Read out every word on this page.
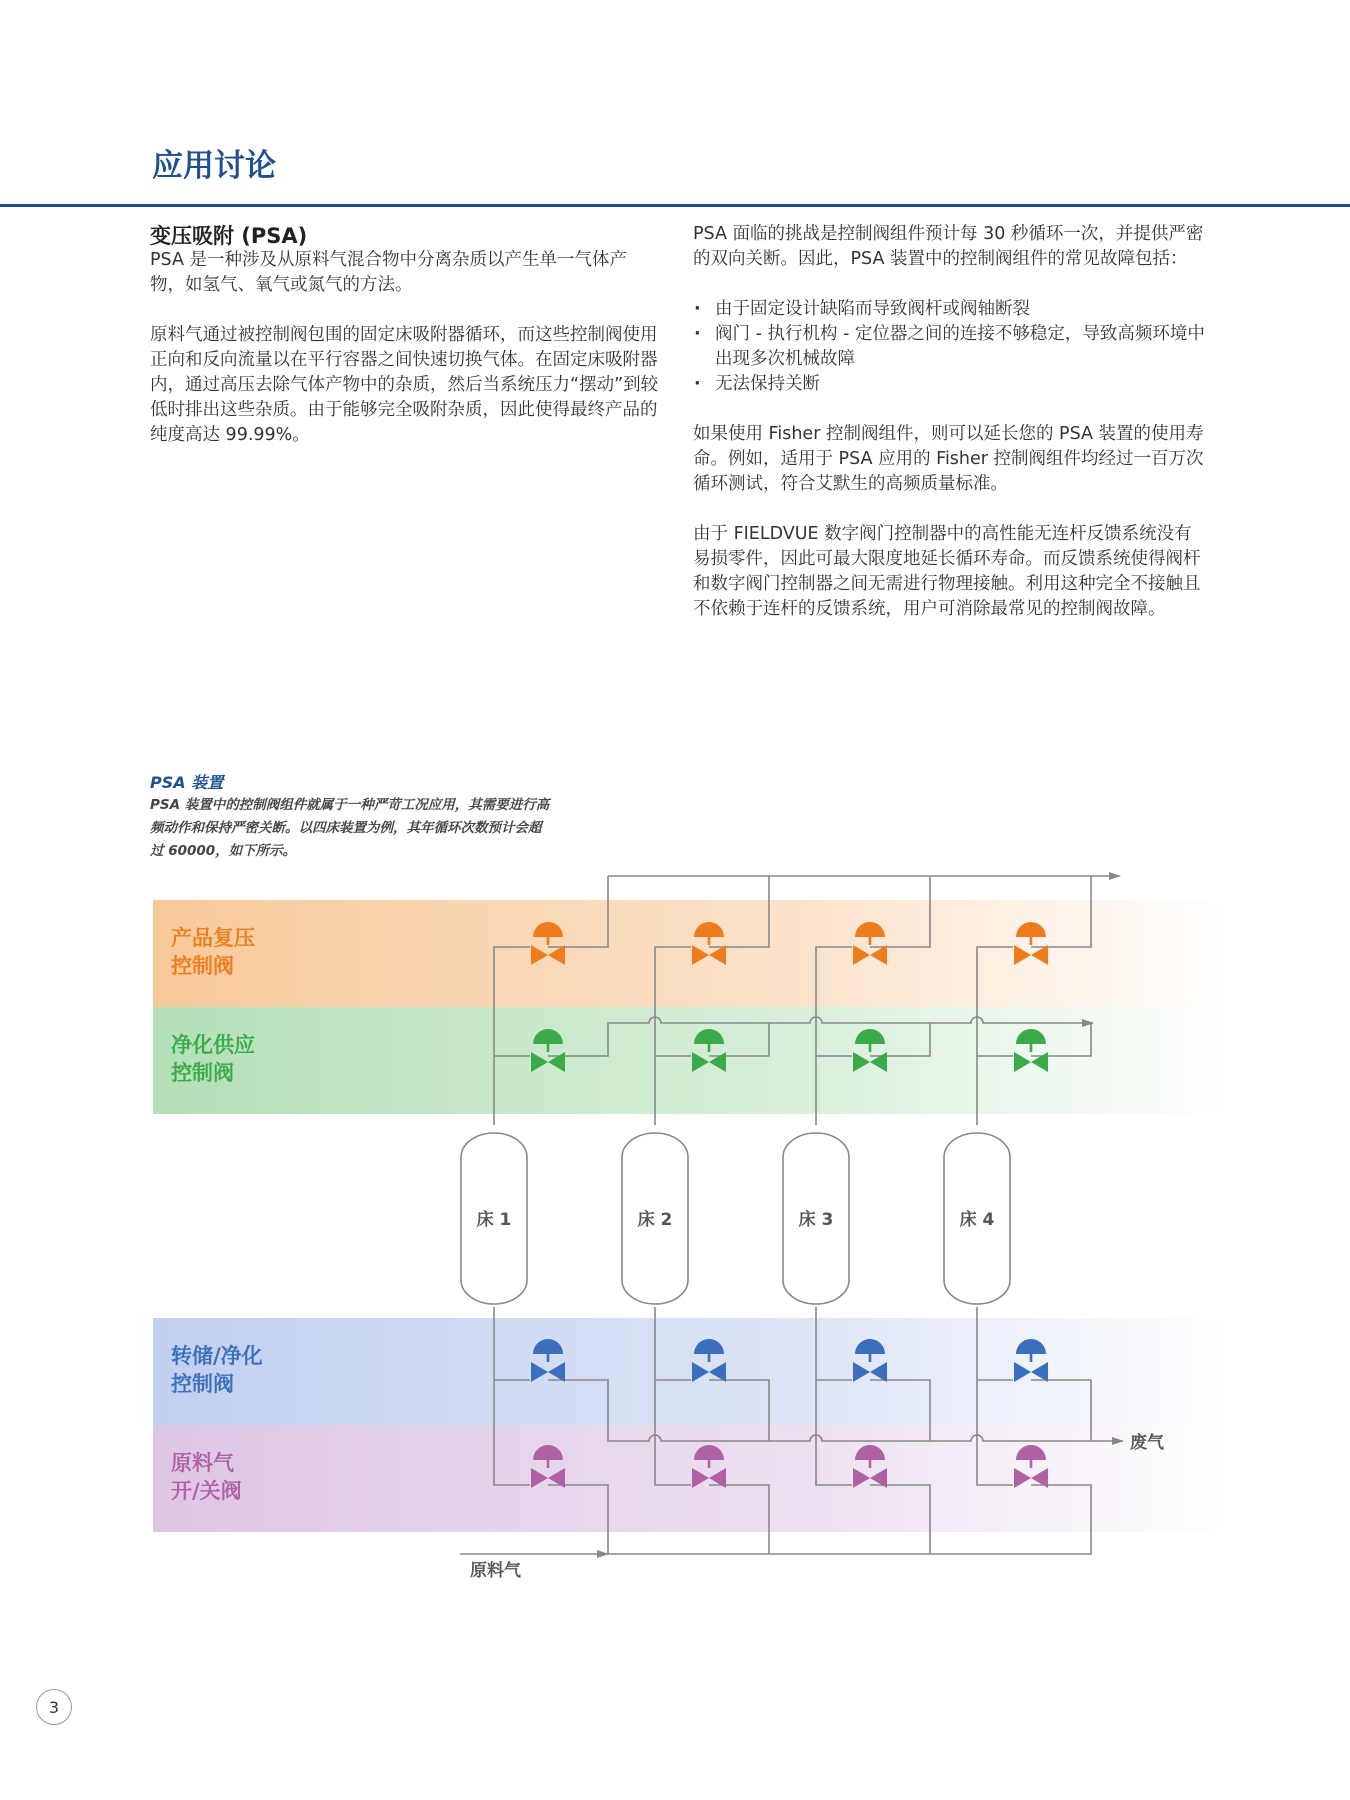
应用讨论
变压吸附 (PSA)

PSA 是一种涉及从原料气混合物中分离杂质以产生单一气体产物，如氢气、氧气或氮气的方法。

原料气通过被控制阀包围的固定床吸附器循环，而这些控制阀使用正向和反向流量以在平行容器之间快速切换气体。在固定床吸附器内，通过高压去除气体产物中的杂质，然后当系统压力“摆动”到较低时排出这些杂质。由于能够完全吸附杂质，因此使得最终产品的纯度高达 99.99%。

PSA 面临的挑战是控制阀组件预计每 30 秒循环一次，并提供严密的双向关断。因此，PSA 装置中的控制阀组件的常见故障包括：

· 由于固定设计缺陷而导致阀杆或阀轴断裂
· 阀门 - 执行机构 - 定位器之间的连接不够稳定，导致高频环境中出现多次机械故障
· 无法保持关断

如果使用 Fisher 控制阀组件，则可以延长您的 PSA 装置的使用寿命。例如，适用于 PSA 应用的 Fisher 控制阀组件均经过一百万次循环测试，符合艾默生的高频质量标准。

由于 FIELDVUE 数字阀门控制器中的高性能无连杆反馈系统没有易损零件，因此可最大限度地延长循环寿命。而反馈系统使得阀杆和数字阀门控制器之间无需进行物理接触。利用这种完全不接触且不依赖于连杆的反馈系统，用户可消除最常见的控制阀故障。

PSA 装置
PSA 装置中的控制阀组件就属于一种严苛工况应用，其需要进行高频动作和保持严密关断。以四床装置为例，其年循环次数预计会超过 60000，如下所示。
床 1	床 2	床 3	床 4
废气
原料气
产品复压
控制阀
净化供应
控制阀
转储/净化
控制阀
原料气
开/关阀
3
